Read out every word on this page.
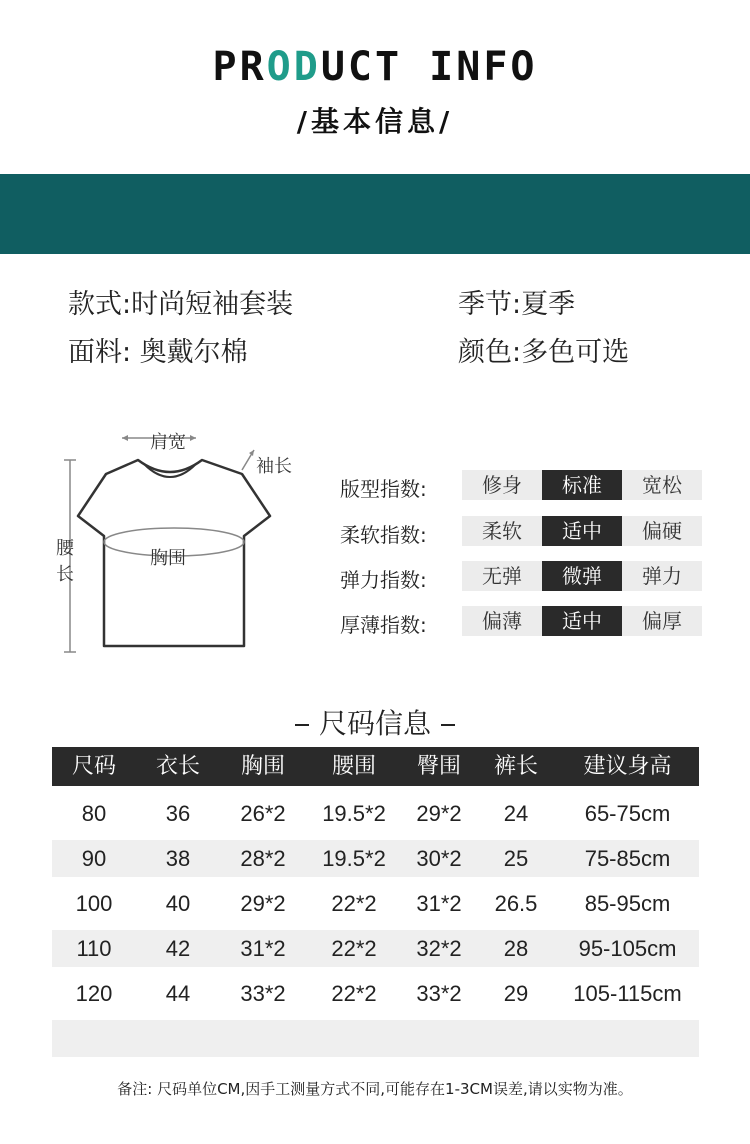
PRODUCT INFO
/基本信息/
款式:时尚短袖套装	季节:夏季
面料: 奥戴尔棉	颜色:多色可选
肩宽
袖长
胸围
腰
长
版型指数:	修身	标准	宽松
柔软指数:	柔软	适中	偏硬
弹力指数:	无弹	微弹	弹力
厚薄指数:	偏薄	适中	偏厚
尺码信息
尺码	衣长	胸围	腰围	臀围	裤长	建议身高
80	36	26*2	19.5*2	29*2	24	65-75cm
90	38	28*2	19.5*2	30*2	25	75-85cm
100	40	29*2	22*2	31*2	26.5	85-95cm
110	42	31*2	22*2	32*2	28	95-105cm
120	44	33*2	22*2	33*2	29	105-115cm
备注: 尺码单位CM,因手工测量方式不同,可能存在1-3CM误差,请以实物为准。
